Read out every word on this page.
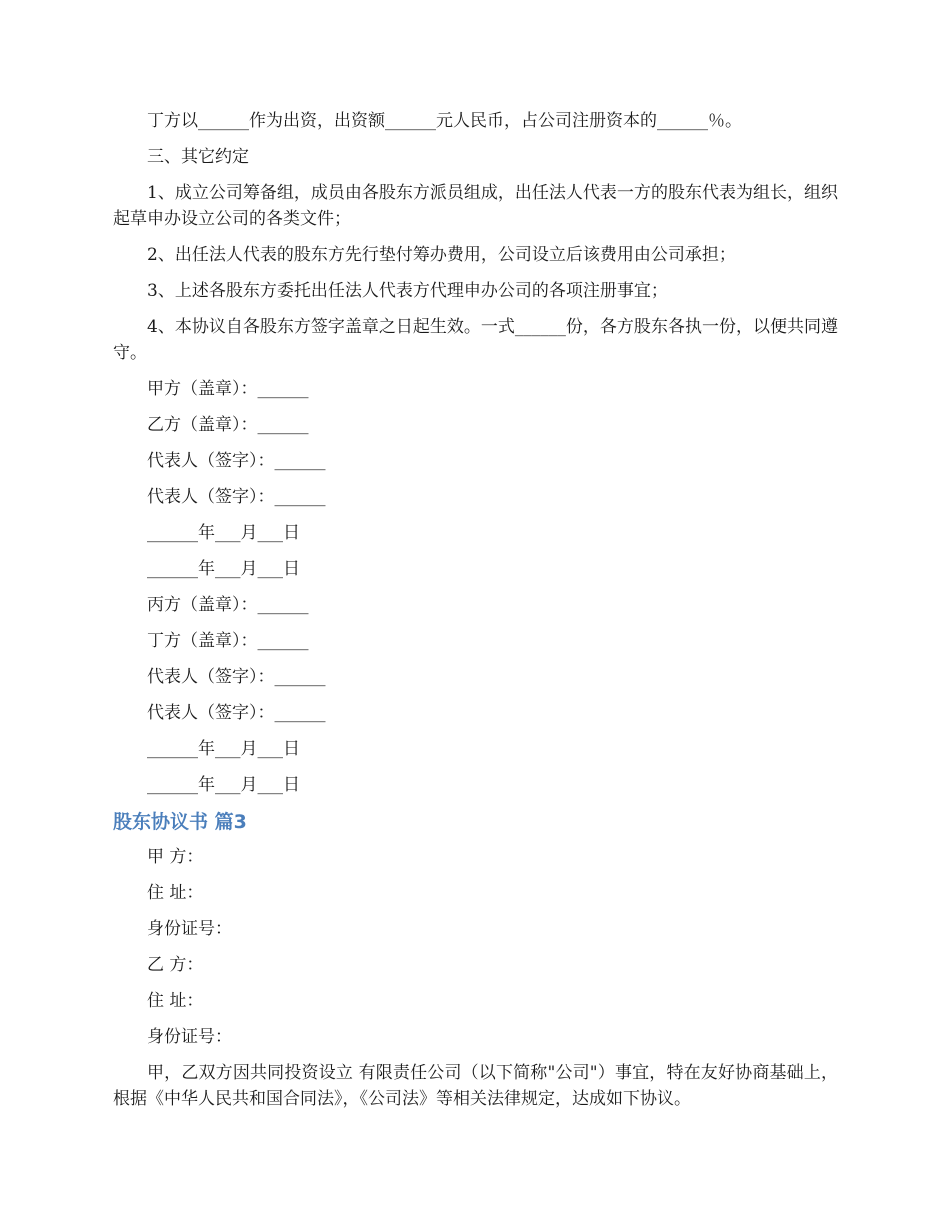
丁方以______作为出资，出资额______元人民币，占公司注册资本的______％。

三、其它约定

1、成立公司筹备组，成员由各股东方派员组成，出任法人代表一方的股东代表为组长，组织起草申办设立公司的各类文件；

2、出任法人代表的股东方先行垫付筹办费用，公司设立后该费用由公司承担；

3、上述各股东方委托出任法人代表方代理申办公司的各项注册事宜；

4、本协议自各股东方签字盖章之日起生效。一式______份，各方股东各执一份，以便共同遵守。

甲方（盖章）：______
乙方（盖章）：______
代表人（签字）：______
代表人（签字）：______
______年___月___日
______年___月___日
丙方（盖章）：______
丁方（盖章）：______
代表人（签字）：______
代表人（签字）：______
______年___月___日
______年___月___日
股东协议书 篇3
甲 方：
住 址：
身份证号：
乙 方：
住 址：
身份证号：

甲，乙双方因共同投资设立 有限责任公司（以下简称"公司"）事宜，特在友好协商基础上，根据《中华人民共和国合同法》，《公司法》等相关法律规定，达成如下协议。
